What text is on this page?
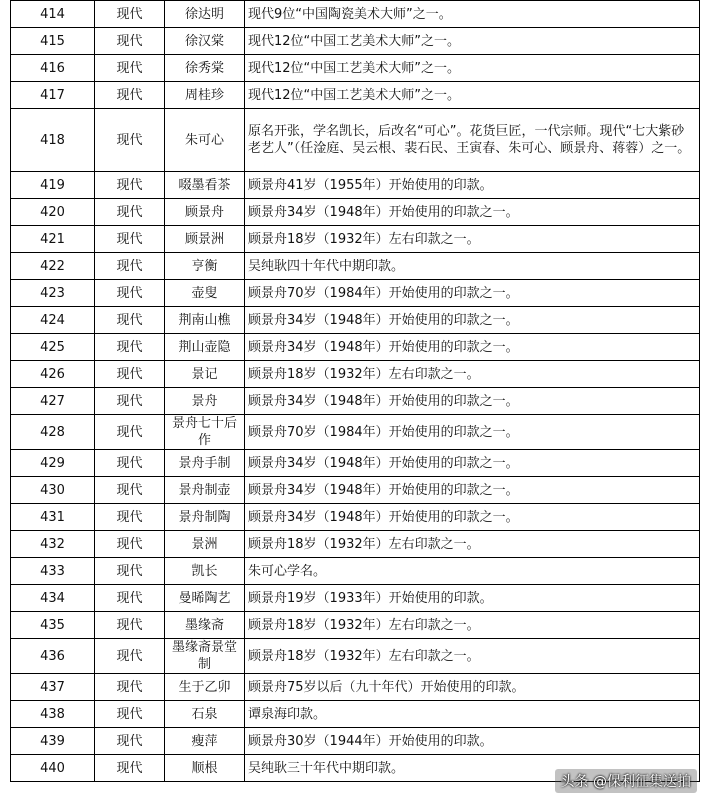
414	现代	徐达明	现代9位“中国陶瓷美术大师”之一。
415	现代	徐汉棠	现代12位“中国工艺美术大师”之一。
416	现代	徐秀棠	现代12位“中国工艺美术大师”之一。
417	现代	周桂珍	现代12位“中国工艺美术大师”之一。
418	现代	朱可心	原名开张，学名凯长，后改名“可心”。花货巨匠，一代宗师。现代“七大紫砂老艺人”（任淦庭、吴云根、裴石民、王寅春、朱可心、顾景舟、蒋蓉）之一。
419	现代	啜墨看茶	顾景舟41岁（1955年）开始使用的印款。
420	现代	顾景舟	顾景舟34岁（1948年）开始使用的印款之一。
421	现代	顾景洲	顾景舟18岁（1932年）左右印款之一。
422	现代	亨衡	吴纯耿四十年代中期印款。
423	现代	壶叟	顾景舟70岁（1984年）开始使用的印款之一。
424	现代	荆南山樵	顾景舟34岁（1948年）开始使用的印款之一。
425	现代	荆山壶隐	顾景舟34岁（1948年）开始使用的印款之一。
426	现代	景记	顾景舟18岁（1932年）左右印款之一。
427	现代	景舟	顾景舟34岁（1948年）开始使用的印款之一。
428	现代	景舟七十后作	顾景舟70岁（1984年）开始使用的印款之一。
429	现代	景舟手制	顾景舟34岁（1948年）开始使用的印款之一。
430	现代	景舟制壶	顾景舟34岁（1948年）开始使用的印款之一。
431	现代	景舟制陶	顾景舟34岁（1948年）开始使用的印款之一。
432	现代	景洲	顾景舟18岁（1932年）左右印款之一。
433	现代	凯长	朱可心学名。
434	现代	曼晞陶艺	顾景舟19岁（1933年）开始使用的印款。
435	现代	墨缘斋	顾景舟18岁（1932年）左右印款之一。
436	现代	墨缘斋景堂制	顾景舟18岁（1932年）左右印款之一。
437	现代	生于乙卯	顾景舟75岁以后（九十年代）开始使用的印款。
438	现代	石泉	谭泉海印款。
439	现代	瘦萍	顾景舟30岁（1944年）开始使用的印款。
440	现代	顺根	吴纯耿三十年代中期印款。
头条 @保利征集送拍
